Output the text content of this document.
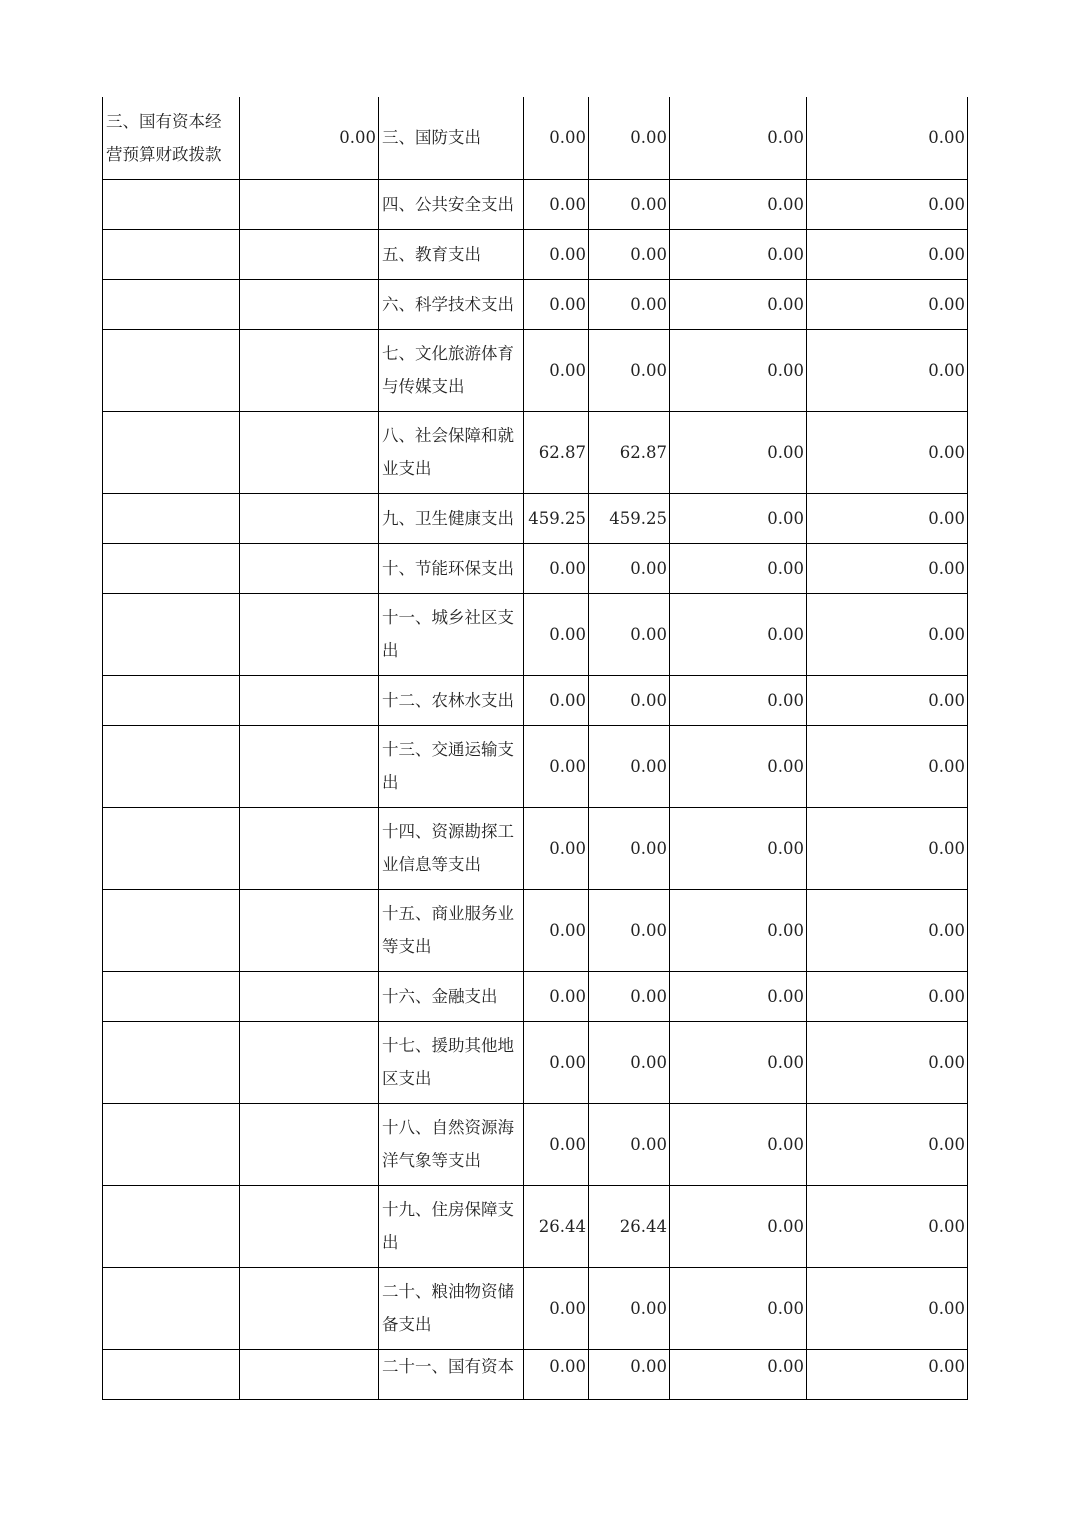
三、国有资本经营预算财政拨款	0.00	三、国防支出	0.00	0.00	0.00	0.00
		四、公共安全支出	0.00	0.00	0.00	0.00
		五、教育支出	0.00	0.00	0.00	0.00
		六、科学技术支出	0.00	0.00	0.00	0.00
		七、文化旅游体育与传媒支出	0.00	0.00	0.00	0.00
		八、社会保障和就业支出	62.87	62.87	0.00	0.00
		九、卫生健康支出	459.25	459.25	0.00	0.00
		十、节能环保支出	0.00	0.00	0.00	0.00
		十一、城乡社区支出	0.00	0.00	0.00	0.00
		十二、农林水支出	0.00	0.00	0.00	0.00
		十三、交通运输支出	0.00	0.00	0.00	0.00
		十四、资源勘探工业信息等支出	0.00	0.00	0.00	0.00
		十五、商业服务业等支出	0.00	0.00	0.00	0.00
		十六、金融支出	0.00	0.00	0.00	0.00
		十七、援助其他地区支出	0.00	0.00	0.00	0.00
		十八、自然资源海洋气象等支出	0.00	0.00	0.00	0.00
		十九、住房保障支出	26.44	26.44	0.00	0.00
		二十、粮油物资储备支出	0.00	0.00	0.00	0.00
		二十一、国有资本	0.00	0.00	0.00	0.00
